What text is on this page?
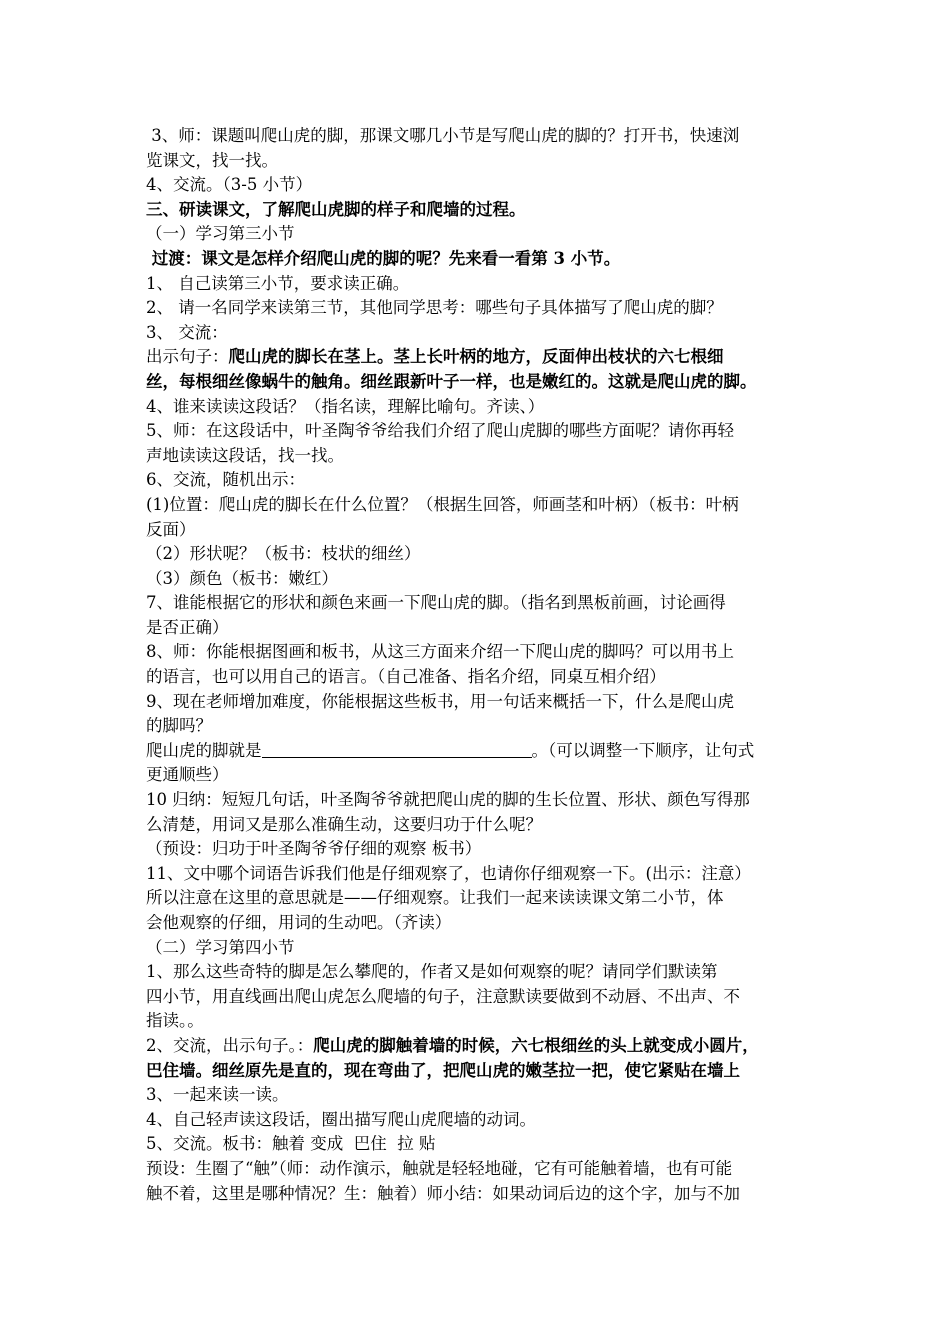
3、师：课题叫爬山虎的脚，那课文哪几小节是写爬山虎的脚的？打开书，快速浏
览课文，找一找。
4、交流。（3-5 小节）
三、研读课文，了解爬山虎脚的样子和爬墙的过程。
（一）学习第三小节
过渡：课文是怎样介绍爬山虎的脚的呢？先来看一看第 3 小节。
1、 自己读第三小节，要求读正确。
2、 请一名同学来读第三节，其他同学思考：哪些句子具体描写了爬山虎的脚？
3、 交流：
出示句子：爬山虎的脚长在茎上。茎上长叶柄的地方，反面伸出枝状的六七根细
丝，每根细丝像蜗牛的触角。细丝跟新叶子一样，也是嫩红的。这就是爬山虎的脚。
4、谁来读读这段话？（指名读，理解比喻句。齐读、）
5、师：在这段话中，叶圣陶爷爷给我们介绍了爬山虎脚的哪些方面呢？请你再轻
声地读读这段话，找一找。
6、交流，随机出示：
(1)位置：爬山虎的脚长在什么位置？（根据生回答，师画茎和叶柄）（板书：叶柄
反面）
（2）形状呢？（板书：枝状的细丝）
（3）颜色（板书：嫩红）
7、谁能根据它的形状和颜色来画一下爬山虎的脚。（指名到黑板前画，讨论画得
是否正确）
8、师：你能根据图画和板书，从这三方面来介绍一下爬山虎的脚吗？可以用书上
的语言，也可以用自己的语言。（自己准备、指名介绍，同桌互相介绍）
9、现在老师增加难度，你能根据这些板书，用一句话来概括一下，什么是爬山虎
的脚吗？
爬山虎的脚就是	。（可以调整一下顺序，让句式
更通顺些）
10 归纳：短短几句话，叶圣陶爷爷就把爬山虎的脚的生长位置、形状、颜色写得那
么清楚，用词又是那么准确生动，这要归功于什么呢？
（预设：归功于叶圣陶爷爷仔细的观察 板书）
11、文中哪个词语告诉我们他是仔细观察了，也请你仔细观察一下。(出示：注意）
所以注意在这里的意思就是——仔细观察。让我们一起来读读课文第二小节，体
会他观察的仔细，用词的生动吧。（齐读）
（二）学习第四小节
1、那么这些奇特的脚是怎么攀爬的，作者又是如何观察的呢？请同学们默读第
四小节，用直线画出爬山虎怎么爬墙的句子，注意默读要做到不动唇、不出声、不
指读。。
2、交流，出示句子。：爬山虎的脚触着墙的时候，六七根细丝的头上就变成小圆片，
巴住墙。细丝原先是直的，现在弯曲了，把爬山虎的嫩茎拉一把，使它紧贴在墙上
3、一起来读一读。
4、自己轻声读这段话，圈出描写爬山虎爬墙的动词。
5、交流。板书：触着 变成  巴住  拉 贴
预设：生圈了“触”（师：动作演示，触就是轻轻地碰，它有可能触着墙，也有可能
触不着，这里是哪种情况？生：触着）师小结：如果动词后边的这个字，加与不加
